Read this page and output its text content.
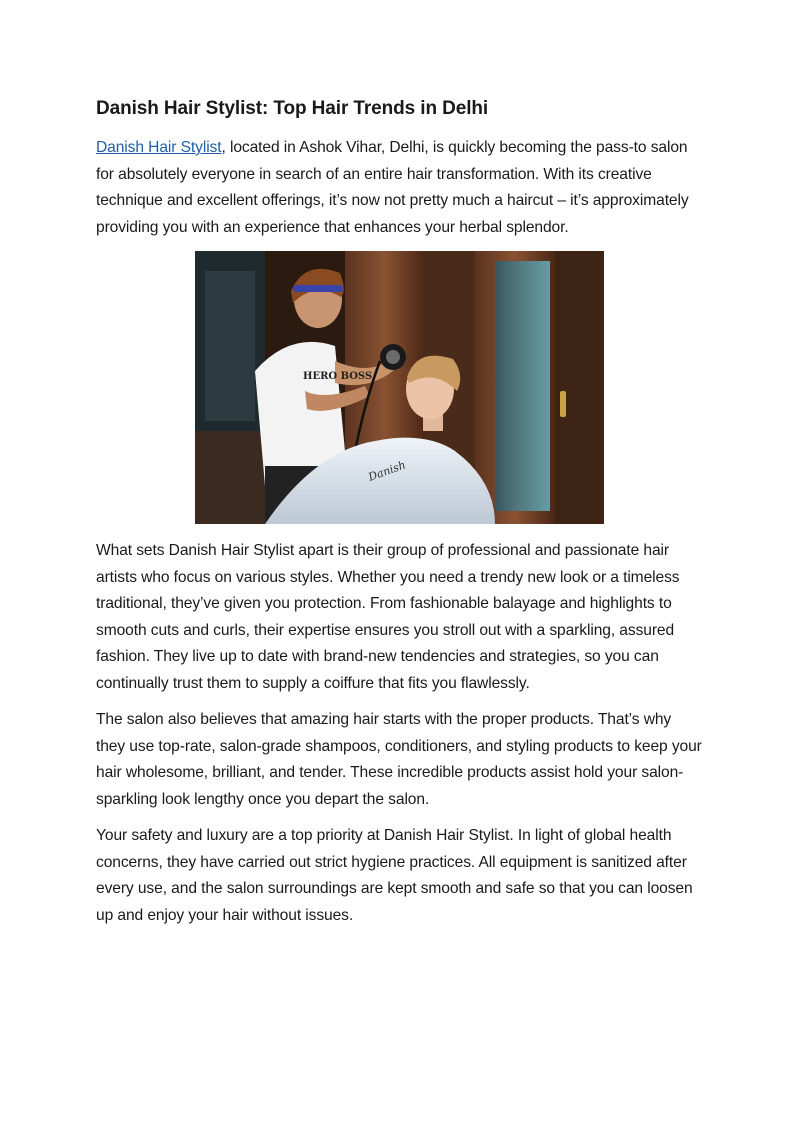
Danish Hair Stylist: Top Hair Trends in Delhi

Danish Hair Stylist, located in Ashok Vihar, Delhi, is quickly becoming the pass-to salon for absolutely everyone in search of an entire hair transformation. With its creative technique and excellent offerings, it’s now not pretty much a haircut – it’s approximately providing you with an experience that enhances your herbal splendor.

HERO BOSS
Danish

What sets Danish Hair Stylist apart is their group of professional and passionate hair artists who focus on various styles. Whether you need a trendy new look or a timeless traditional, they’ve given you protection. From fashionable balayage and highlights to smooth cuts and curls, their expertise ensures you stroll out with a sparkling, assured fashion. They live up to date with brand-new tendencies and strategies, so you can continually trust them to supply a coiffure that fits you flawlessly.

The salon also believes that amazing hair starts with the proper products. That’s why they use top-rate, salon-grade shampoos, conditioners, and styling products to keep your hair wholesome, brilliant, and tender. These incredible products assist hold your salon-sparkling look lengthy once you depart the salon.

Your safety and luxury are a top priority at Danish Hair Stylist. In light of global health concerns, they have carried out strict hygiene practices. All equipment is sanitized after every use, and the salon surroundings are kept smooth and safe so that you can loosen up and enjoy your hair without issues.
